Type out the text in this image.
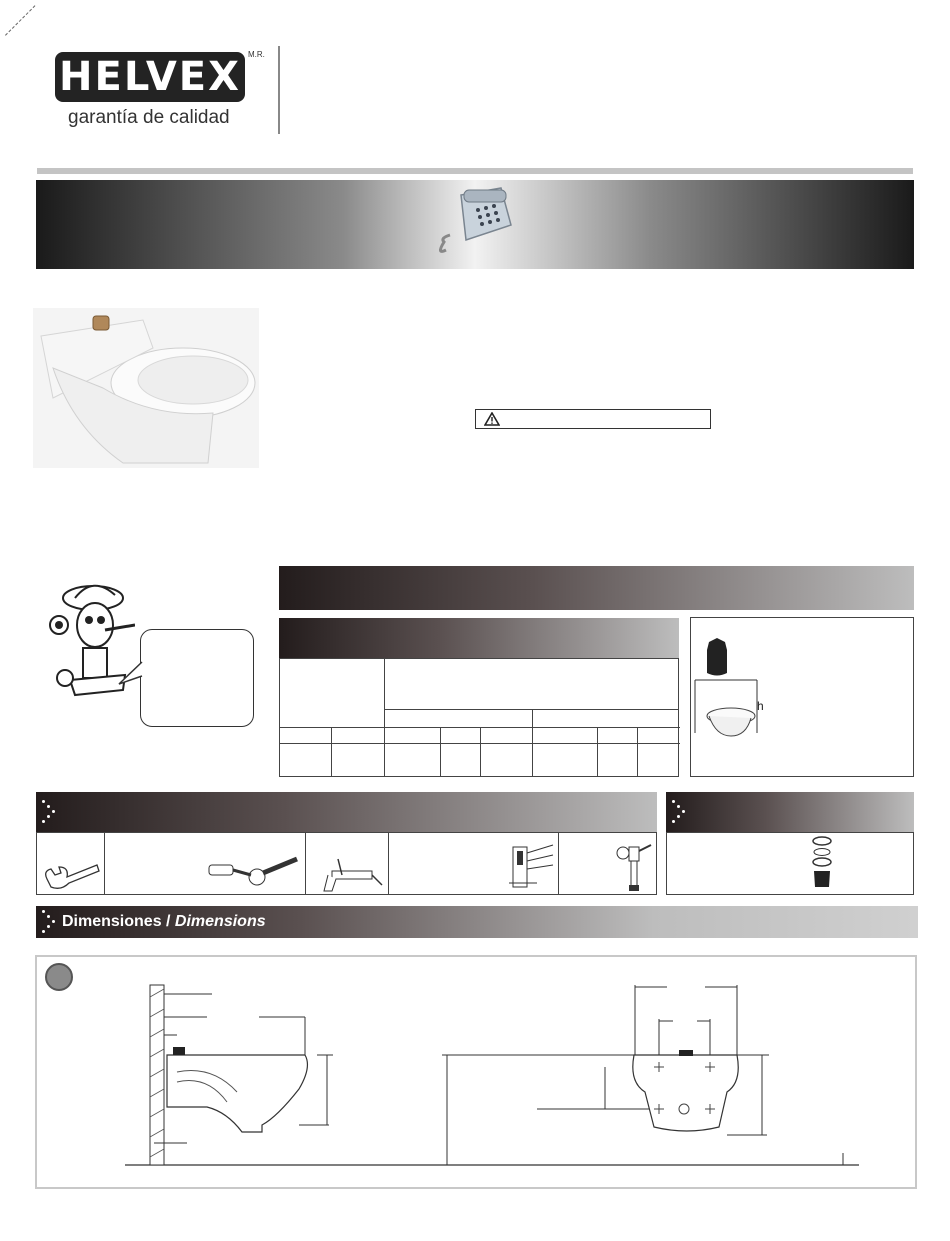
HELVEX M.R.
garantía de calidad
h
Dimensiones / Dimensions
